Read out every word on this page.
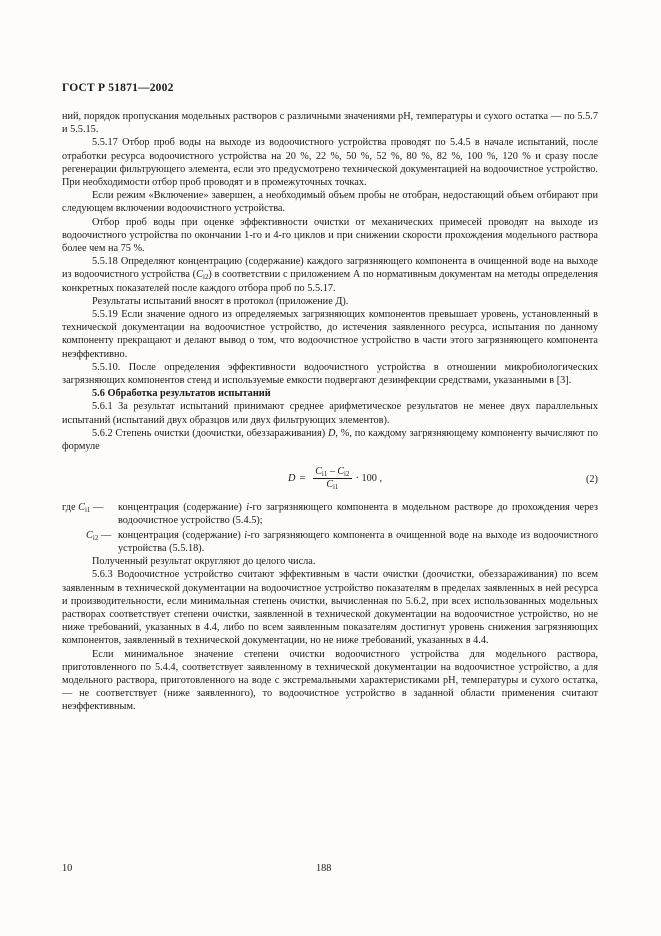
ГОСТ Р 51871—2002

ний, порядок пропускания модельных растворов с различными значениями pH, температуры и сухого остатка — по 5.5.7 и 5.5.15.

5.5.17 Отбор проб воды на выходе из водоочистного устройства проводят по 5.4.5 в начале испытаний, после отработки ресурса водоочистного устройства на 20 %, 22 %, 50 %, 52 %, 80 %, 82 %, 100 %, 120 % и сразу после регенерации фильтрующего элемента, если это предусмотрено технической документацией на водоочистное устройство. При необходимости отбор проб проводят и в промежуточных точках.

Если режим «Включение» завершен, а необходимый объем пробы не отобран, недостающий объем отбирают при следующем включении водоочистного устройства.

Отбор проб воды при оценке эффективности очистки от механических примесей проводят на выходе из водоочистного устройства по окончании 1-го и 4-го циклов и при снижении скорости прохождения модельного раствора более чем на 75 %.

5.5.18 Определяют концентрацию (содержание) каждого загрязняющего компонента в очищенной воде на выходе из водоочистного устройства $(C_{i2})$ в соответствии с приложением А по нормативным документам на методы определения конкретных показателей после каждого отбора проб по 5.5.17.

Результаты испытаний вносят в протокол (приложение Д).

5.5.19 Если значение одного из определяемых загрязняющих компонентов превышает уровень, установленный в технической документации на водоочистное устройство, до истечения заявленного ресурса, испытания по данному компоненту прекращают и делают вывод о том, что водоочистное устройство в части этого загрязняющего компонента неэффективно.

5.5.10. После определения эффективности водоочистного устройства в отношении микробиологических загрязняющих компонентов стенд и используемые емкости подвергают дезинфекции средствами, указанными в [3].

5.6 Обработка результатов испытаний

5.6.1 За результат испытаний принимают среднее арифметическое результатов не менее двух параллельных испытаний (испытаний двух образцов или двух фильтрующих элементов).

5.6.2 Степень очистки (доочистки, обеззараживания) D, %, по каждому загрязняющему компоненту вычисляют по формуле

$D = \frac{C_{i1} - C_{i2}}{C_{i1}} \cdot 100$ ,	(2)
где $C_{i1}$ —	концентрация (содержание) i-го загрязняющего компонента в модельном растворе до прохождения через водоочистное устройство (5.4.5);
$C_{i2}$ — концентрация (содержание) i-го загрязняющего компонента в очищенной воде на выходе из водоочистного устройства (5.5.18).

Полученный результат округляют до целого числа.

5.6.3 Водоочистное устройство считают эффективным в части очистки (доочистки, обеззараживания) по всем заявленным в технической документации на водоочистное устройство показателям в пределах заявленных в ней ресурса и производительности, если минимальная степень очистки, вычисленная по 5.6.2, при всех использованных модельных растворах соответствует степени очистки, заявленной в технической документации на водоочистное устройство, но не ниже требований, указанных в 4.4, либо по всем заявленным показателям достигнут уровень снижения загрязняющих компонентов, заявленный в технической документации, но не ниже требований, указанных в 4.4.

Если минимальное значение степени очистки водоочистного устройства для модельного раствора, приготовленного по 5.4.4, соответствует заявленному в технической документации на водоочистное устройство, а для модельного раствора, приготовленного на воде с экстремальными характеристиками pH, температуры и сухого остатка, — не соответствует (ниже заявленного), то водоочистное устройство в заданной области применения считают неэффективным.

10	188
